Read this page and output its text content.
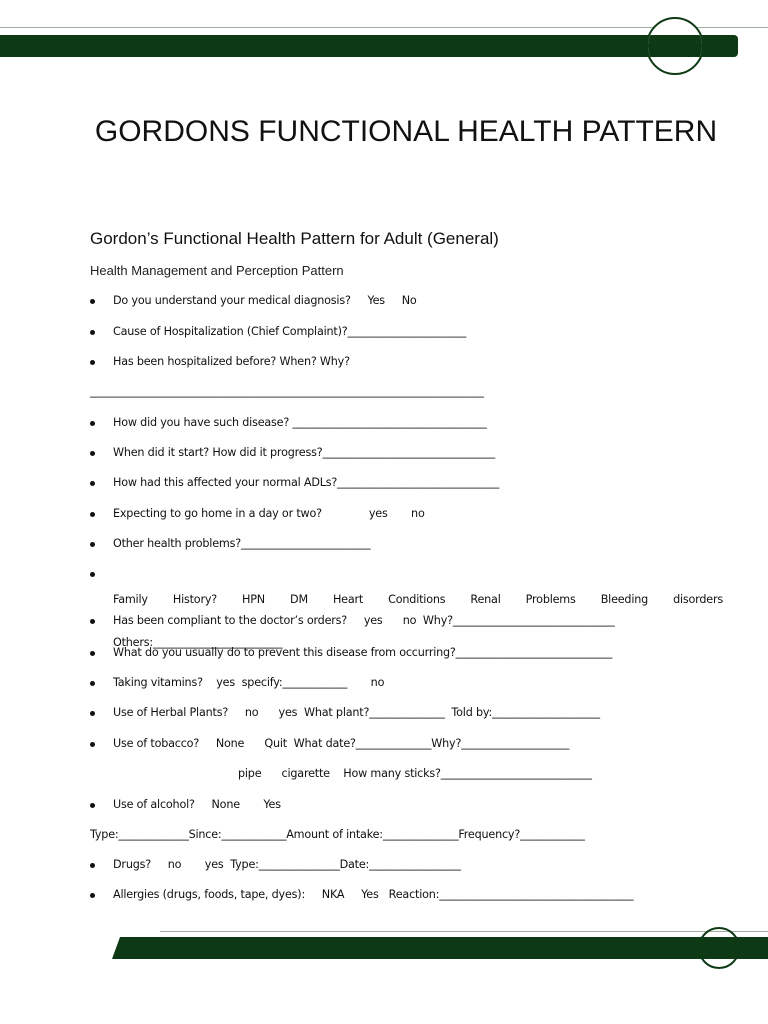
GORDONS FUNCTIONAL HEALTH PATTERN
Gordon’s Functional Health Pattern for Adult (General)
Health Management and Perception Pattern
Do you understand your medical diagnosis?     Yes     No
Cause of Hospitalization (Chief Complaint)?______________________
Has been hospitalized before? When? Why?
_________________________________________________________________________
How did you have such disease? ____________________________________
When did it start? How did it progress?________________________________
How had this affected your normal ADLs?______________________________
Expecting to go home in a day or two?              yes       no
Other health problems?________________________

Family History? HPN DM Heart Conditions Renal Problems Bleeding disorders

Others:________________________

Has been compliant to the doctor’s orders?     yes      no  Why?______________________________
What do you usually do to prevent this disease from occurring?_____________________________
Taking vitamins?    yes  specify:____________       no
Use of Herbal Plants?     no      yes  What plant?______________  Told by:____________________
Use of tobacco?     None      Quit  What date?______________Why?____________________
pipe      cigarette    How many sticks?____________________________
Use of alcohol?     None       Yes
Type:_____________Since:____________Amount of intake:______________Frequency?____________
Drugs?     no       yes  Type:_______________Date:_________________
Allergies (drugs, foods, tape, dyes):     NKA     Yes   Reaction:____________________________________
